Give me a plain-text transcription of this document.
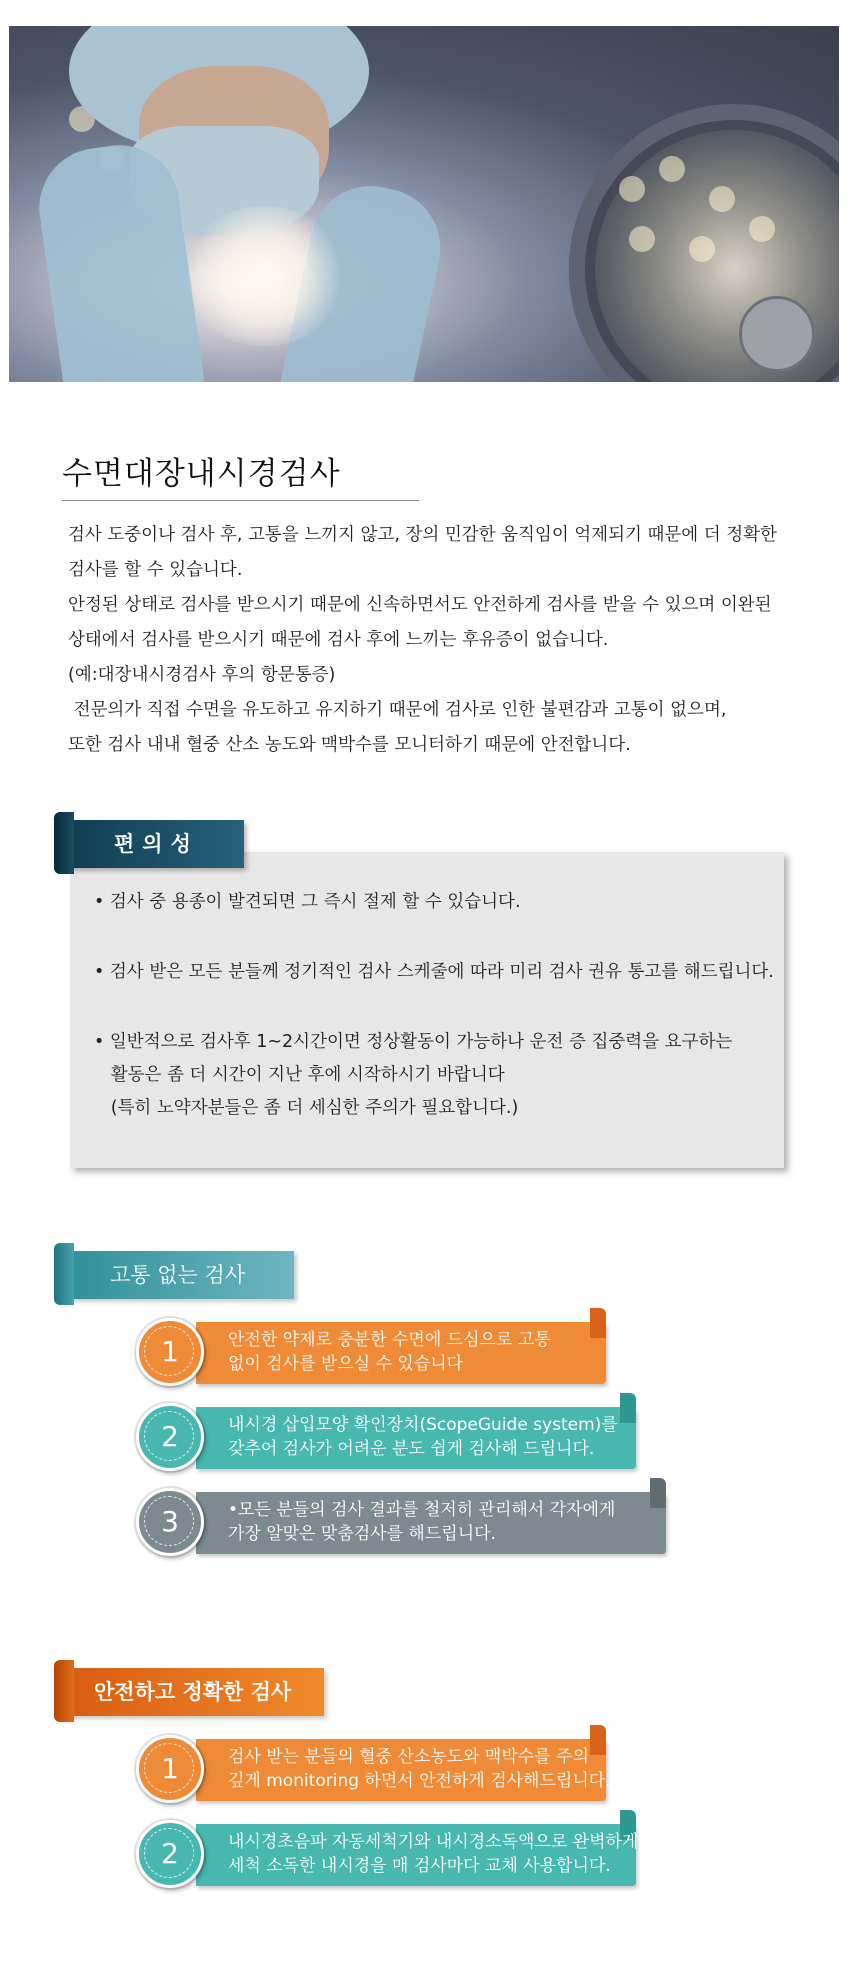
수면대장내시경검사

검사 도중이나 검사 후, 고통을 느끼지 않고, 장의 민감한 움직임이 억제되기 때문에 더 정확한

검사를 할 수 있습니다.

안정된 상태로 검사를 받으시기 때문에 신속하면서도 안전하게 검사를 받을 수 있으며 이완된

상태에서 검사를 받으시기 때문에 검사 후에 느끼는 후유증이 없습니다.

(예:대장내시경검사 후의 항문통증)

전문의가 직접 수면을 유도하고 유지하기 때문에 검사로 인한 불편감과 고통이 없으며,

또한 검사 내내 혈중 산소 농도와 맥박수를 모니터하기 때문에 안전합니다.

• 검사 중 용종이 발견되면 그 즉시 절제 할 수 있습니다.
• 검사 받은 모든 분들께 정기적인 검사 스케줄에 따라 미리 검사 권유 통고를 해드립니다.
• 일반적으로 검사후 1~2시간이면 정상활동이 가능하나 운전 증 집중력을 요구하는
활동은 좀 더 시간이 지난 후에 시작하시기 바랍니다
(특히 노약자분들은 좀 더 세심한 주의가 필요합니다.)
편의성
고통 없는 검사
1	안전한 약제로 충분한 수면에 드심으로 고통
없이 검사를 받으실 수 있습니다
2	내시경 삽입모양 확인장치(ScopeGuide system)를
갖추어 검사가 어려운 분도 쉽게 검사해 드립니다.
3	•모든 분들의 검사 결과를 철저히 관리해서 각자에게
가장 알맞은 맞춤검사를 해드립니다.
안전하고 정확한 검사
1	검사 받는 분들의 혈중 산소농도와 맥박수를 주의
깊게 monitoring 하면서 안전하게 검사해드립니다.
2	내시경초음파 자동세척기와 내시경소독액으로 완벽하게
세척 소독한 내시경을 매 검사마다 교체 사용합니다.
